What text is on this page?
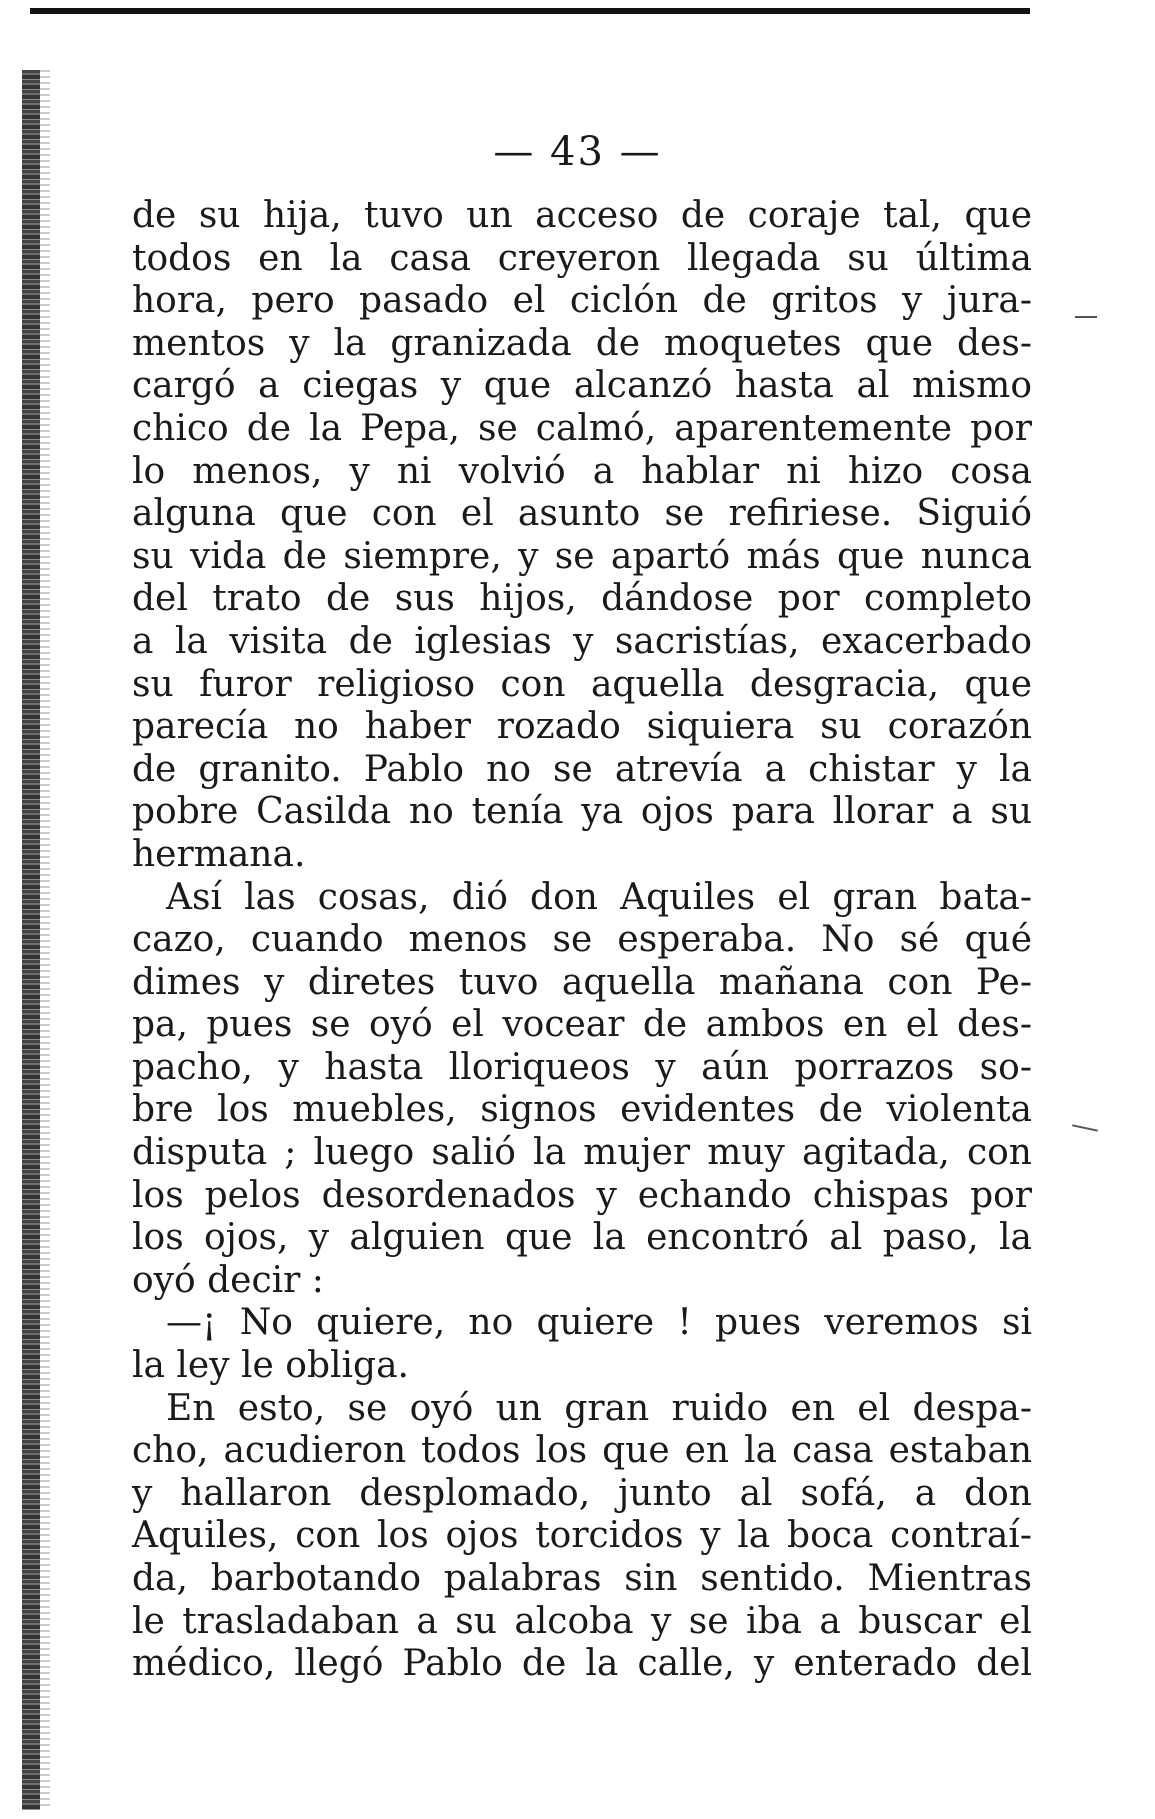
— 43 —
de su hija, tuvo un acceso de coraje tal, que
todos en la casa creyeron llegada su última
hora, pero pasado el ciclón de gritos y jura-
mentos y la granizada de moquetes que des-
cargó a ciegas y que alcanzó hasta al mismo
chico de la Pepa, se calmó, aparentemente por
lo menos, y ni volvió a hablar ni hizo cosa
alguna que con el asunto se refiriese. Siguió
su vida de siempre, y se apartó más que nunca
del trato de sus hijos, dándose por completo
a la visita de iglesias y sacristías, exacerbado
su furor religioso con aquella desgracia, que
parecía no haber rozado siquiera su corazón
de granito. Pablo no se atrevía a chistar y la
pobre Casilda no tenía ya ojos para llorar a su
hermana.
Así las cosas, dió don Aquiles el gran bata-
cazo, cuando menos se esperaba. No sé qué
dimes y diretes tuvo aquella mañana con Pe-
pa, pues se oyó el vocear de ambos en el des-
pacho, y hasta lloriqueos y aún porrazos so-
bre los muebles, signos evidentes de violenta
disputa ; luego salió la mujer muy agitada, con
los pelos desordenados y echando chispas por
los ojos, y alguien que la encontró al paso, la
oyó decir :
—¡ No quiere, no quiere ! pues veremos si
la ley le obliga.
En esto, se oyó un gran ruido en el despa-
cho, acudieron todos los que en la casa estaban
y hallaron desplomado, junto al sofá, a don
Aquiles, con los ojos torcidos y la boca contraí-
da, barbotando palabras sin sentido. Mientras
le trasladaban a su alcoba y se iba a buscar el
médico, llegó Pablo de la calle, y enterado del
